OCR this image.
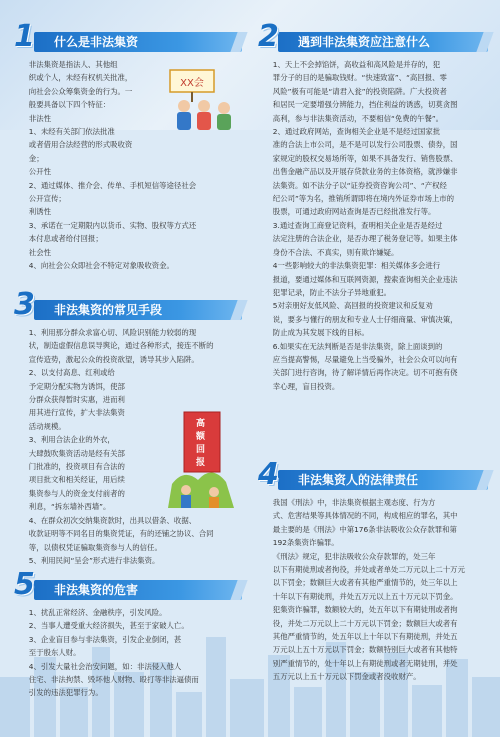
1 什么是非法集资

非法集资是指法人、其他组

织或个人，未经有权机关批准，

向社会公众筹集资金的行为。一

般要具备以下四个特征：

非法性

1、未经有关部门依法批准

或者借用合法经营的形式吸收资

金；

公开性

2、通过媒体、推介会、传单、手机短信等途径社会

公开宣传；

利诱性

3、承诺在一定期限内以货币、实物、股权等方式还

本付息或者给付回报；

社会性

4、向社会公众即社会不特定对象吸收资金。

XX会
3 非法集资的常见手段

1、利用那分群众求富心切、风险识别能力较弱的现

状，制造虚假信息误导舆论，通过各种形式，接连不断的

宣传造势，激起公众的投资欲望，诱导其步入陷阱。

2、以支付高息、红利或给

予定期分配实物为诱饵，使部

分群众获得暂时实惠，进而利

用其进行宣传，扩大非法集资

活动规模。

3、利用合法企业的外衣，

大肆鼓吹集资活动是经有关部

门批准的，投资项目有合法的

项目批文和相关经证，用后续

集资参与人的资金支付前者的

利息，“拆东墙补西墙”。

4、在群众初次交纳集资款时，出具以借条、收据、

收款证明等不同名目的集资凭证，有的还铺之协议、合同

等，以债权凭证骗取集资参与人的信任。

5、利用民间“呈会”形式进行非法集资。

高额 回报
5 非法集资的危害

1、扰乱正常经济、金融秩序，引发风险。

2、当事人遭受重大经济损失，甚至于家破人亡。

3、企业盲目参与非法集资，引发企业倒闭，甚

至于殷东人财。

4、引发大量社会治安问题，如：非法侵入他人

住宅、非法拘禁、毁坏他人财物、殴打等非法逼债而

引发的违法犯罪行为。

2 遇到非法集资应注意什么

1、天上不会掉馅饼，高收益和高风险是并存的，犯

罪分子的目的是骗取钱财。“快速致富”、“高回报、零

风险”极有可能是“请君入瓮”的投资陷阱。广大投资者

和居民一定要增强分辨能力，挡住利益的诱惑，切莫贪图

高利，参与非法集资活动，不要相信“免费的午餐”。

2、通过政府网站，查询相关企业是不是经过国家批

准的合法上市公司，是不是可以发行公司股票、债券，国

家规定的股权交易场所等，如果不具备发行、销售股票、

出售金融产品以及开展存贷款业务的主体资格，就涉嫌非

法集资。如不法分子以“证券投资咨询公司”、“产权经

纪公司”等为名，推销所谓即将在境内外证券市场上市的

股票，可通过政府网站查询是否已经批准发行等。

3.通过查询工商登记资料，查明相关企业是否是经过

法定注册的合法企业，是否办理了税务登记等。如果主体

身份不合法、不真实，则有欺诈嫌疑。

4一些影响较大的非法集资犯罪：相关媒体多会进行

报道，要通过媒体和互联网资源，搜索查询相关企业违法

犯罪记录，防止不法分子异地重犯。

5对亲朋好友低风险、高回报的投资建议和反复劝

说，要多与懂行的朋友和专业人士仔细商量、审慎决策，

防止成为其发展下线的目标。

6.如果实在无法判断是否是非法集资，除上面谈到的

应当提高警惕，尽量避免上当受骗外，社会公众可以向有

关部门进行咨询，待了解详情后再作决定。切不可抱有侥

幸心理，盲目投资。

4 非法集资人的法律责任

我国《刑法》中，非法集资根据主观态度、行为方

式、危害结果等具体情况的不同，构成相应的罪名，其中

最主要的是《刑法》中第176条非法吸收公众存款罪和第

192条集资诈骗罪。

《刑法》规定，犯非法吸收公众存款罪的，处三年

以下有期徒刑或者拘役，并处或者单处二万元以上二十万元

以下罚金；数额巨大或者有其他严重情节的，处三年以上

十年以下有期徒刑，并处五万元以上五十万元以下罚金。

犯集资诈骗罪，数额较大的，处五年以下有期徒刑或者拘

役，并处二万元以上二十万元以下罚金；数额巨大或者有

其他严重情节的，处五年以上十年以下有期徒刑，并处五

万元以上五十万元以下罚金；数额特别巨大或者有其他特

别严重情节的，处十年以上有期徒刑或者无期徒刑，并处

五万元以上五十万元以下罚金或者没收财产。
